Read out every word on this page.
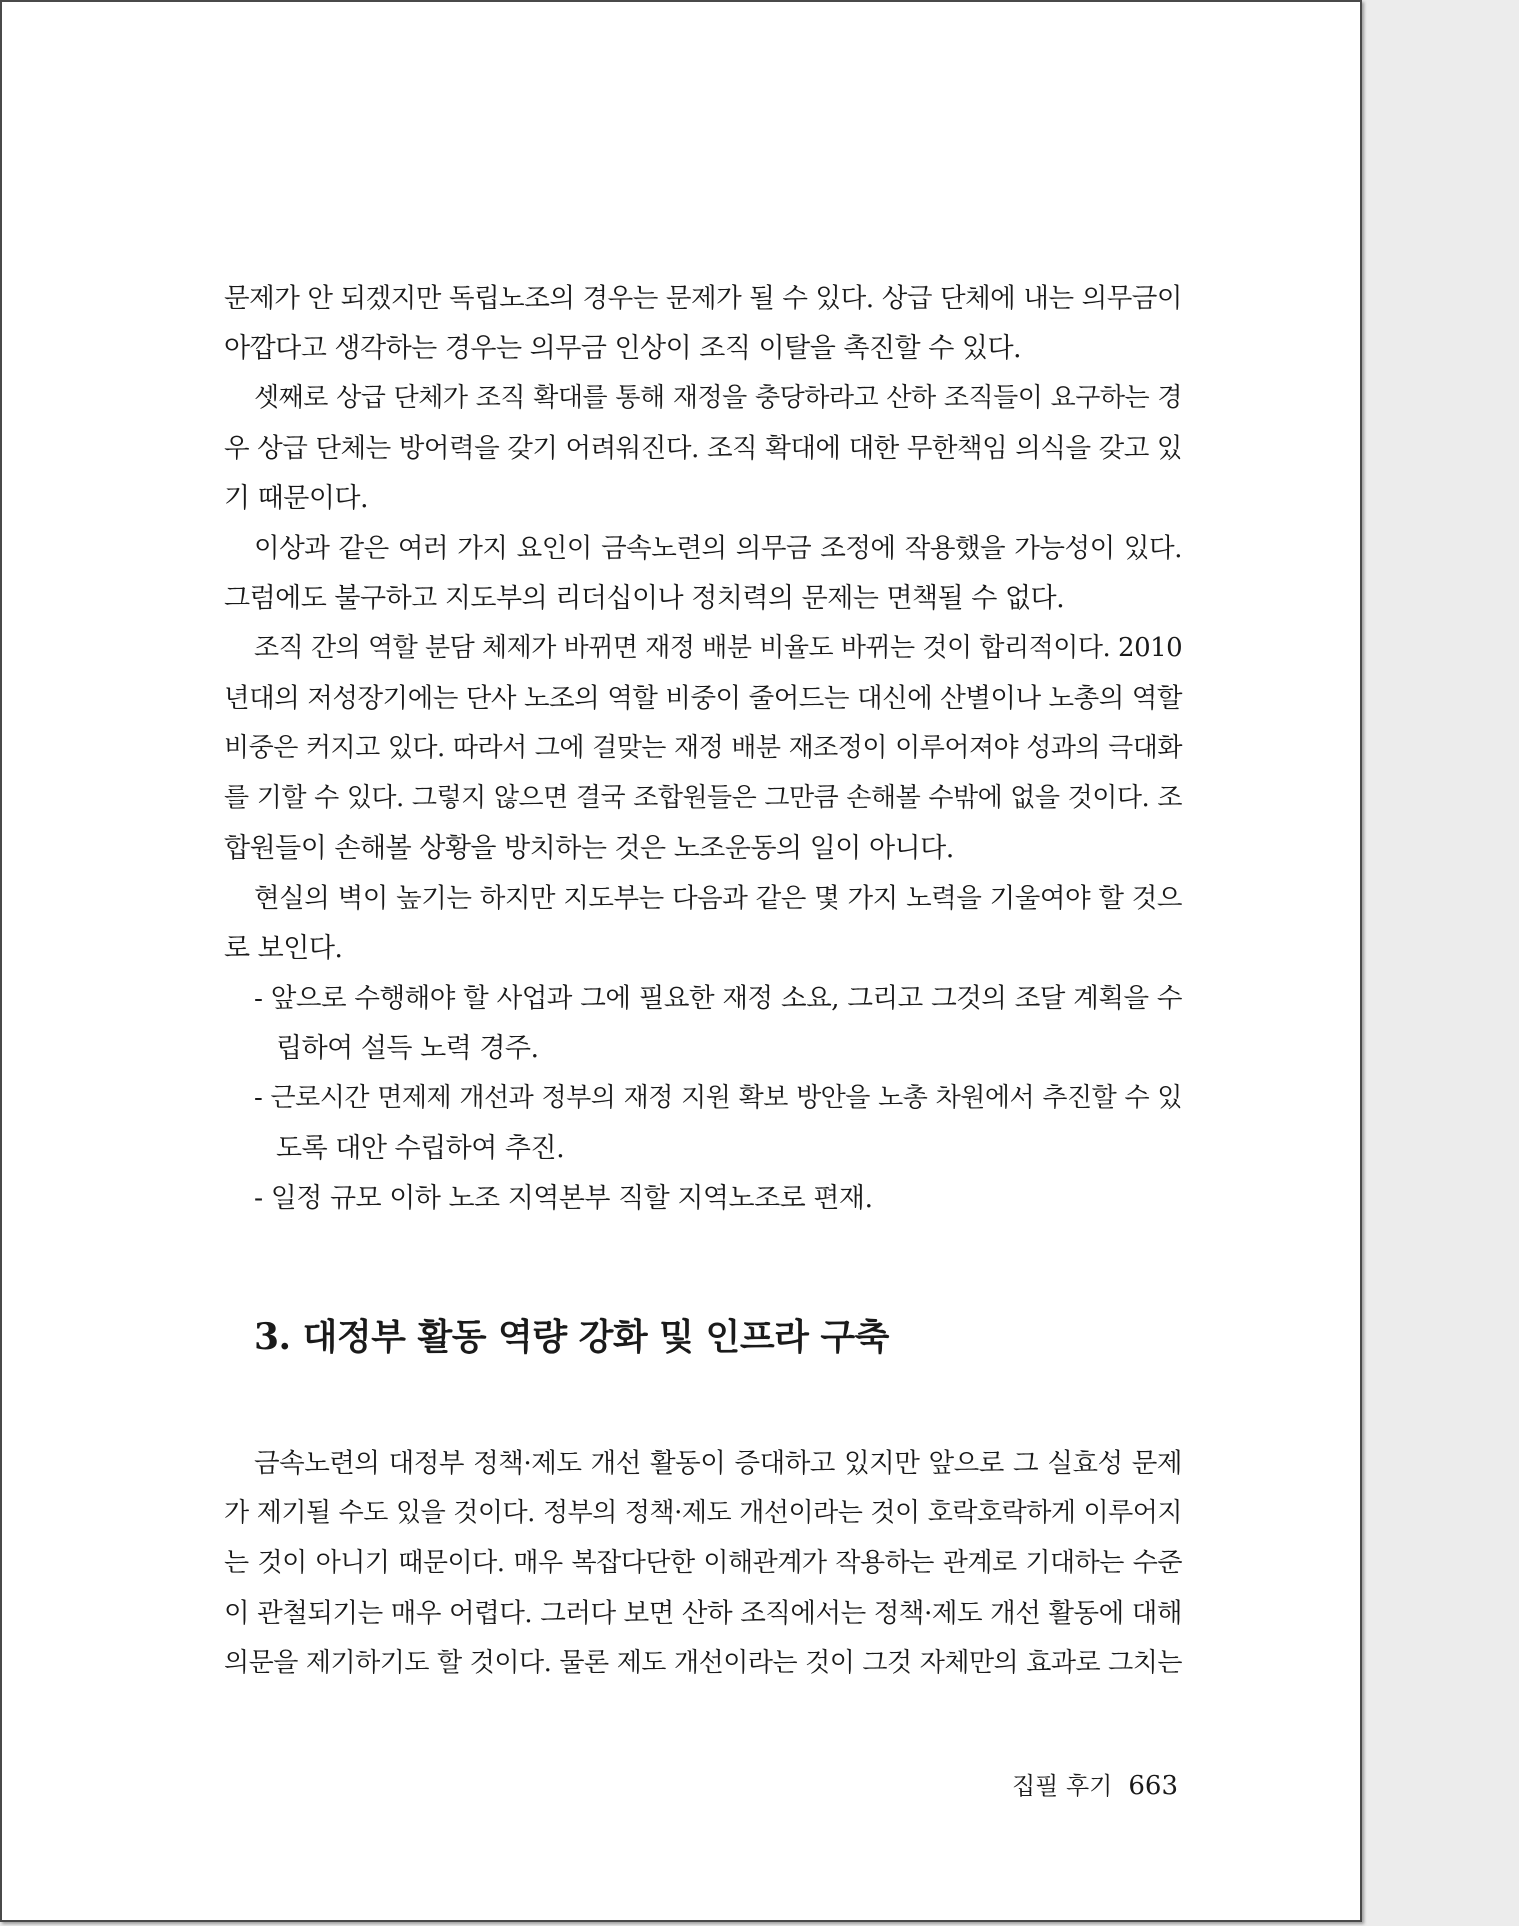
문제가 안 되겠지만 독립노조의 경우는 문제가 될 수 있다. 상급 단체에 내는 의무금이

아깝다고 생각하는 경우는 의무금 인상이 조직 이탈을 촉진할 수 있다.

셋째로 상급 단체가 조직 확대를 통해 재정을 충당하라고 산하 조직들이 요구하는 경

우 상급 단체는 방어력을 갖기 어려워진다. 조직 확대에 대한 무한책임 의식을 갖고 있

기 때문이다.

이상과 같은 여러 가지 요인이 금속노련의 의무금 조정에 작용했을 가능성이 있다.

그럼에도 불구하고 지도부의 리더십이나 정치력의 문제는 면책될 수 없다.

조직 간의 역할 분담 체제가 바뀌면 재정 배분 비율도 바뀌는 것이 합리적이다. 2010

년대의 저성장기에는 단사 노조의 역할 비중이 줄어드는 대신에 산별이나 노총의 역할

비중은 커지고 있다. 따라서 그에 걸맞는 재정 배분 재조정이 이루어져야 성과의 극대화

를 기할 수 있다. 그렇지 않으면 결국 조합원들은 그만큼 손해볼 수밖에 없을 것이다. 조

합원들이 손해볼 상황을 방치하는 것은 노조운동의 일이 아니다.

현실의 벽이 높기는 하지만 지도부는 다음과 같은 몇 가지 노력을 기울여야 할 것으

로 보인다.

- 앞으로 수행해야 할 사업과 그에 필요한 재정 소요, 그리고 그것의 조달 계획을 수

립하여 설득 노력 경주.

- 근로시간 면제제 개선과 정부의 재정 지원 확보 방안을 노총 차원에서 추진할 수 있

도록 대안 수립하여 추진.

- 일정 규모 이하 노조 지역본부 직할 지역노조로 편재.

3. 대정부 활동 역량 강화 및 인프라 구축

금속노련의 대정부 정책·제도 개선 활동이 증대하고 있지만 앞으로 그 실효성 문제

가 제기될 수도 있을 것이다. 정부의 정책·제도 개선이라는 것이 호락호락하게 이루어지

는 것이 아니기 때문이다. 매우 복잡다단한 이해관계가 작용하는 관계로 기대하는 수준

이 관철되기는 매우 어렵다. 그러다 보면 산하 조직에서는 정책·제도 개선 활동에 대해

의문을 제기하기도 할 것이다. 물론 제도 개선이라는 것이 그것 자체만의 효과로 그치는

집필 후기 663
